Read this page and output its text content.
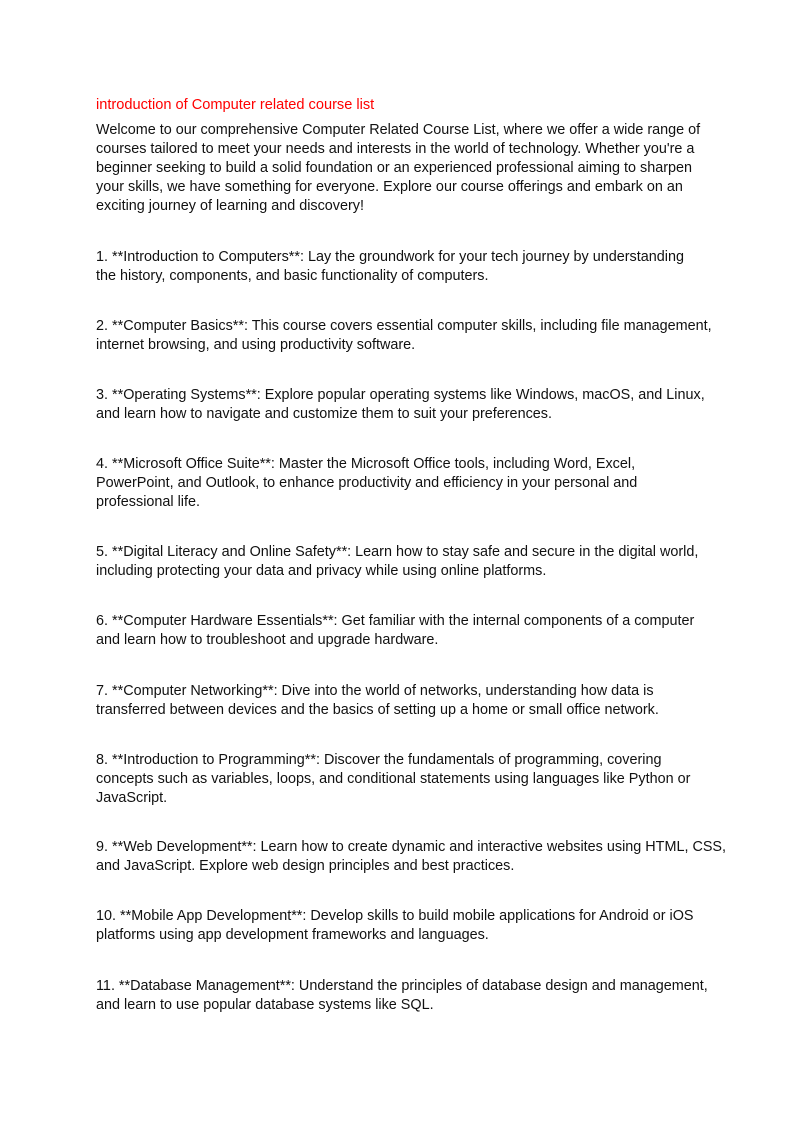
introduction of Computer related course list

Welcome to our comprehensive Computer Related Course List, where we offer a wide range of
courses tailored to meet your needs and interests in the world of technology. Whether you're a
beginner seeking to build a solid foundation or an experienced professional aiming to sharpen
your skills, we have something for everyone. Explore our course offerings and embark on an
exciting journey of learning and discovery!

1. **Introduction to Computers**: Lay the groundwork for your tech journey by understanding
the history, components, and basic functionality of computers.

2. **Computer Basics**: This course covers essential computer skills, including file management,
internet browsing, and using productivity software.

3. **Operating Systems**: Explore popular operating systems like Windows, macOS, and Linux,
and learn how to navigate and customize them to suit your preferences.

4. **Microsoft Office Suite**: Master the Microsoft Office tools, including Word, Excel,
PowerPoint, and Outlook, to enhance productivity and efficiency in your personal and
professional life.

5. **Digital Literacy and Online Safety**: Learn how to stay safe and secure in the digital world,
including protecting your data and privacy while using online platforms.

6. **Computer Hardware Essentials**: Get familiar with the internal components of a computer
and learn how to troubleshoot and upgrade hardware.

7. **Computer Networking**: Dive into the world of networks, understanding how data is
transferred between devices and the basics of setting up a home or small office network.

8. **Introduction to Programming**: Discover the fundamentals of programming, covering
concepts such as variables, loops, and conditional statements using languages like Python or
JavaScript.

9. **Web Development**: Learn how to create dynamic and interactive websites using HTML, CSS,
and JavaScript. Explore web design principles and best practices.

10. **Mobile App Development**: Develop skills to build mobile applications for Android or iOS
platforms using app development frameworks and languages.

11. **Database Management**: Understand the principles of database design and management,
and learn to use popular database systems like SQL.
